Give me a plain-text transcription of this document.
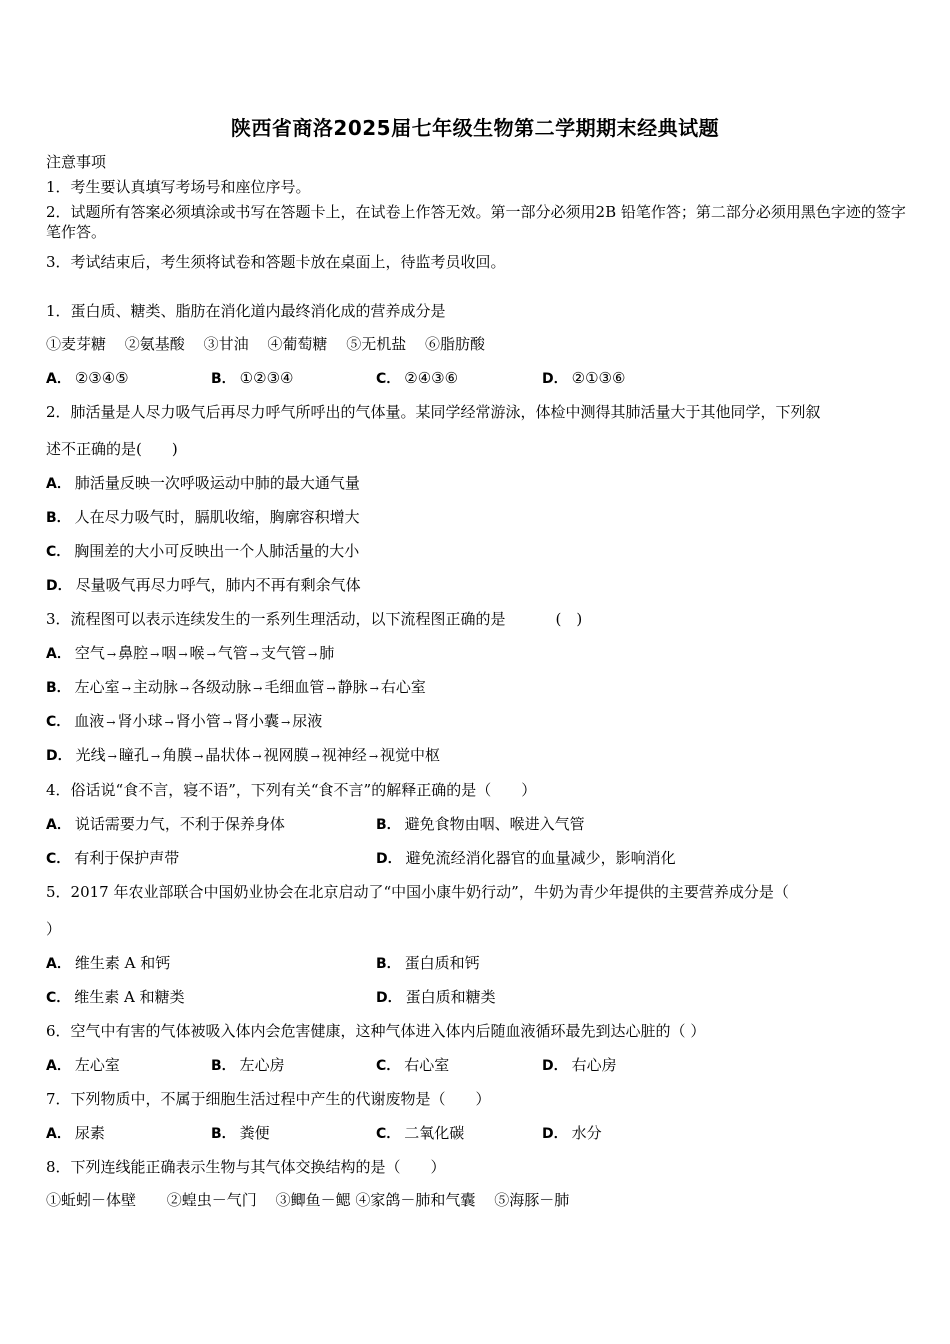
陕西省商洛2025届七年级生物第二学期期末经典试题
注意事项
1．考生要认真填写考场号和座位序号。
2．试题所有答案必须填涂或书写在答题卡上，在试卷上作答无效。第一部分必须用2B 铅笔作答；第二部分必须用黑色字迹的签字笔作答。
3．考试结束后，考生须将试卷和答题卡放在桌面上，待监考员收回。
1．蛋白质、糖类、脂肪在消化道内最终消化成的营养成分是
①麦芽糖 ②氨基酸 ③甘油 ④葡萄糖 ⑤无机盐 ⑥脂肪酸
A． ②③④⑤	B． ①②③④	C． ②④③⑥	D． ②①③⑥
2．肺活量是人尽力吸气后再尽力呼气所呼出的气体量。某同学经常游泳，体检中测得其肺活量大于其他同学，下列叙
述不正确的是(　　)
A． 肺活量反映一次呼吸运动中肺的最大通气量
B． 人在尽力吸气时，膈肌收缩，胸廓容积增大
C． 胸围差的大小可反映出一个人肺活量的大小
D． 尽量吸气再尽力呼气，肺内不再有剩余气体
3．流程图可以表示连续发生的一系列生理活动，以下流程图正确的是	(　)
A． 空气 → 鼻腔 → 咽 → 喉 → 气管 → 支气管 → 肺
B． 左心室 → 主动脉 → 各级动脉 → 毛细血管 → 静脉 → 右心室
C． 血液 → 肾小球 → 肾小管 → 肾小囊 → 尿液
D． 光线 → 瞳孔 → 角膜 → 晶状体 → 视网膜 → 视神经 → 视觉中枢
4．俗话说“食不言，寝不语”，下列有关“食不言”的解释正确的是（　　）
A． 说话需要力气，不利于保养身体	B． 避免食物由咽、喉进入气管
C． 有利于保护声带	D． 避免流经消化器官的血量减少，影响消化
5．2017 年农业部联合中国奶业协会在北京启动了“中国小康牛奶行动”，牛奶为青少年提供的主要营养成分是（
）
A． 维生素 A 和钙	B． 蛋白质和钙
C． 维生素 A 和糖类	D． 蛋白质和糖类
6．空气中有害的气体被吸入体内会危害健康，这种气体进入体内后随血液循环最先到达心脏的（ ）
A． 左心室	B． 左心房	C． 右心室	D． 右心房
7．下列物质中，不属于细胞生活过程中产生的代谢废物是（　　）
A． 尿素	B． 粪便	C． 二氧化碳	D． 水分
8．下列连线能正确表示生物与其气体交换结构的是（　　）
①蚯蚓－体壁 ②蝗虫－气门 ③鲫鱼－鳃 ④家鸽－肺和气囊 ⑤海豚－肺
